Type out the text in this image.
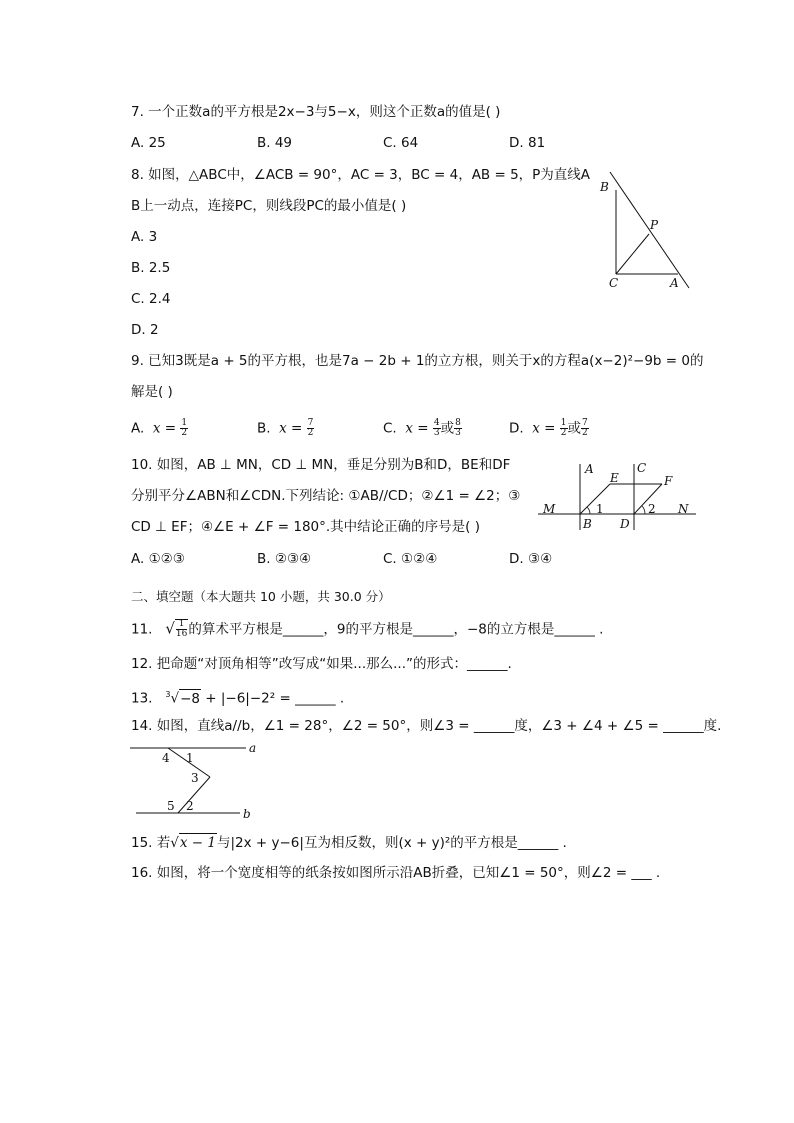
7. 一个正数a的平方根是2x−3与5−x，则这个正数a的值是( )
A. 25	B. 49	C. 64	D. 81
8. 如图，△ABC中，∠ACB = 90°，AC = 3，BC = 4，AB = 5，P为直线A
B上一动点，连接PC，则线段PC的最小值是( )
A. 3
B. 2.5
C. 2.4
D. 2
B
P
C	A
9. 已知3既是a + 5的平方根，也是7a − 2b + 1的立方根，则关于x的方程a(x−2)²−9b = 0的
解是( )
A. $x = \frac{1}{2}$	B. $x = \frac{7}{2}$	C. $x = \frac{4}{3}$ 或 $\frac{8}{3}$	D. $x = \frac{1}{2}$ 或 $\frac{7}{2}$
10. 如图，AB ⊥ MN，CD ⊥ MN，垂足分别为B和D，BE和DF
分别平分∠ABN和∠CDN.下列结论: ①AB//CD；②∠1 = ∠2；③
CD ⊥ EF；④∠E + ∠F = 180°.其中结论正确的序号是( )
A. ①②③	B. ②③④	C. ①②④	D. ③④
A	C
E	F
M	N
B D
1	2
二、填空题（本大题共 10 小题，共 30.0 分）
11. √ $\frac{1}{16}$ 的算术平方根是______，9的平方根是______，−8的立方根是______ .
12. 把命题“对顶角相等”改写成“如果...那么...”的形式：______.
13. $^3$√−8 + |−6|−2² = ______ .
14. 如图，直线a//b，∠1 = 28°，∠2 = 50°，则∠3 = ______度，∠3 + ∠4 + ∠5 = ______度.
a
b
4 1
3
5 2
15. 若√x − 1与|2x + y−6|互为相反数，则(x + y)²的平方根是______ .
16. 如图，将一个宽度相等的纸条按如图所示沿AB折叠，已知∠1 = 50°，则∠2 = ___ .
